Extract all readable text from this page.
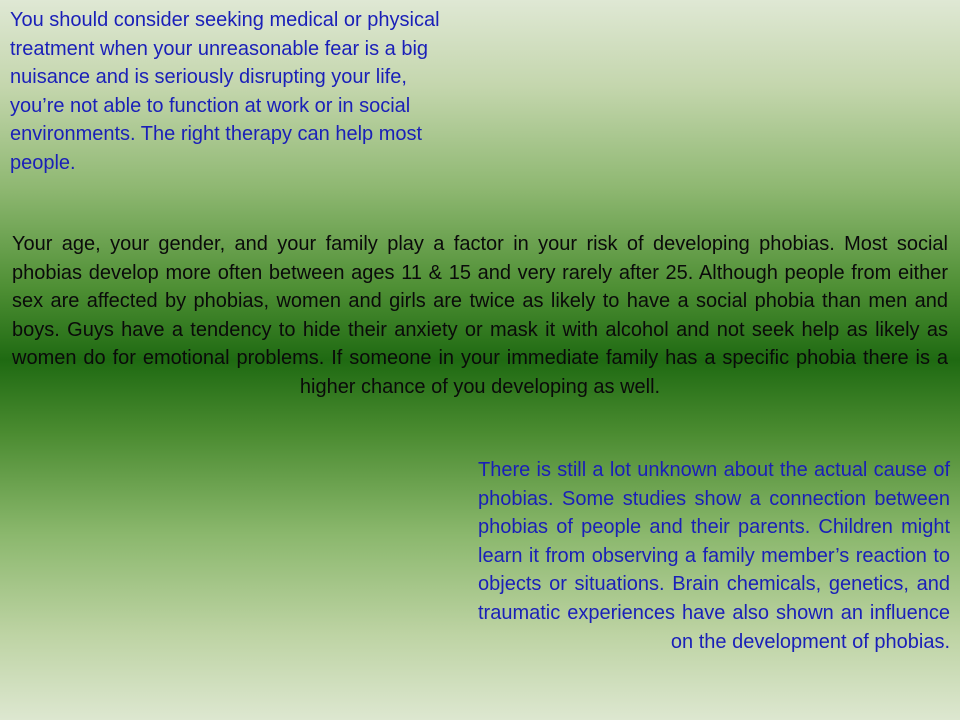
You should consider seeking medical or physical treatment when your unreasonable fear is a big nuisance and is seriously disrupting your life, you’re not able to function at work or in social environments. The right therapy can help most people.

Your age, your gender, and your family play a factor in your risk of developing phobias. Most social phobias develop more often between ages 11 & 15 and very rarely after 25. Although people from either sex are affected by phobias, women and girls are twice as likely to have a social phobia than men and boys. Guys have a tendency to hide their anxiety or mask it with alcohol and not seek help as likely as women do for emotional problems. If someone in your immediate family has a specific phobia there is a higher chance of you developing as well.

There is still a lot unknown about the actual cause of phobias. Some studies show a connection between phobias of people and their parents. Children might learn it from observing a family member’s reaction to objects or situations. Brain chemicals, genetics, and traumatic experiences have also shown an influence on the development of phobias.
